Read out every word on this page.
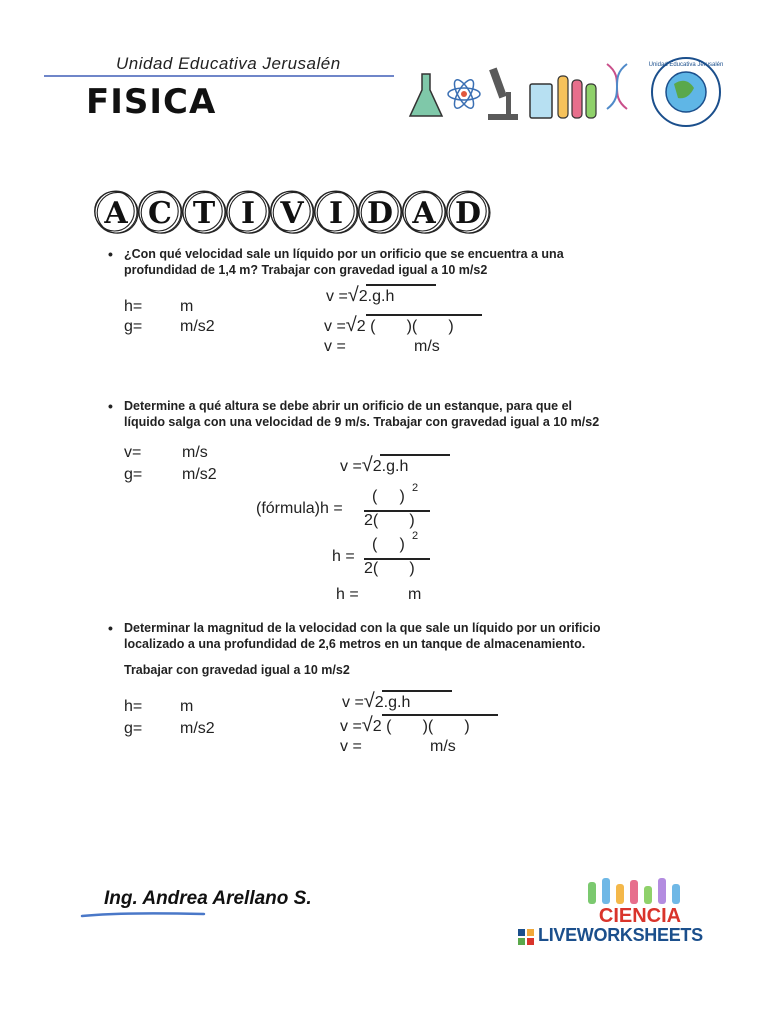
Unidad Educativa Jerusalén
FISICA
Unidad Educativa Jerusalén
A C T I V I D A D
• ¿Con qué velocidad sale un líquido por un orificio que se encuentra a una
profundidad de 1,4 m? Trabajar con gravedad igual a 10 m/s2
h= m
g= m/s2
v =√2.g.h
v =√2 (       )(       )
v =	m/s
• Determine a qué altura se debe abrir un orificio de un estanque, para que el
líquido salga con una velocidad de 9 m/s. Trabajar con gravedad igual a 10 m/s2
v=	m/s
g= m/s2	v =√2.g.h
(fórmula)h =
(     ) 2
2(       )
h =
(     ) 2
2(       )
h =	m
• Determinar la magnitud de la velocidad con la que sale un líquido por un orificio
localizado a una profundidad de 2,6 metros en un tanque de almacenamiento.
Trabajar con gravedad igual a 10 m/s2
h= m
g= m/s2
v =√2.g.h
v =√2 (       )(       )
v =	m/s
Ing. Andrea Arellano S.
CIENCIA
LIVEWORKSHEETS
